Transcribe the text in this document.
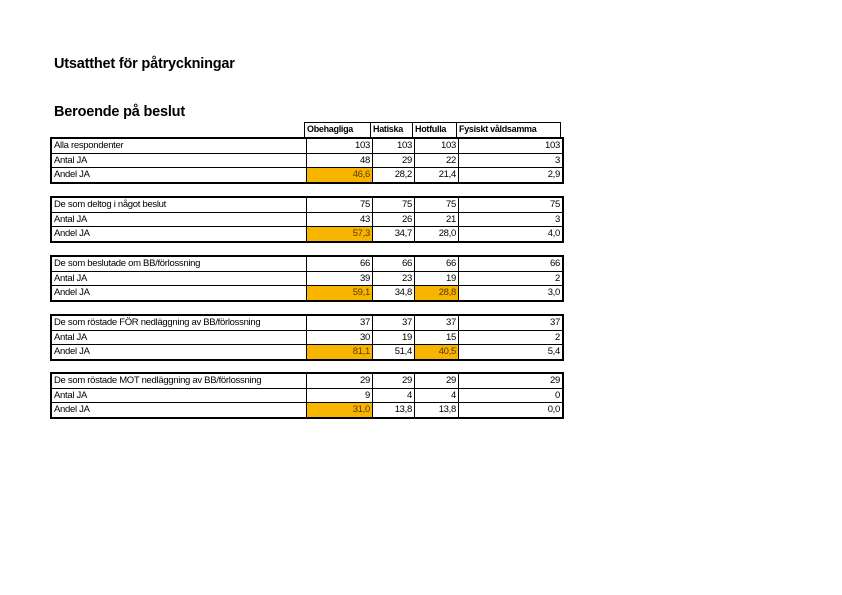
Utsatthet för påtryckningar
Beroende på beslut
	Obehagliga	Hatiska	Hotfulla	Fysiskt våldsamma
Alla respondenter	103	103	103	103
Antal JA	48	29	22	3
Andel JA	46,6	28,2	21,4	2,9
De som deltog i något beslut	75	75	75	75
Antal JA	43	26	21	3
Andel JA	57,3	34,7	28,0	4,0
De som beslutade om BB/förlossning	66	66	66	66
Antal JA	39	23	19	2
Andel JA	59,1	34,8	28,8	3,0
De som röstade FÖR nedläggning av BB/förlossning	37	37	37	37
Antal JA	30	19	15	2
Andel JA	81,1	51,4	40,5	5,4
De som röstade MOT nedläggning av BB/förlossning	29	29	29	29
Antal JA	9	4	4	0
Andel JA	31,0	13,8	13,8	0,0
